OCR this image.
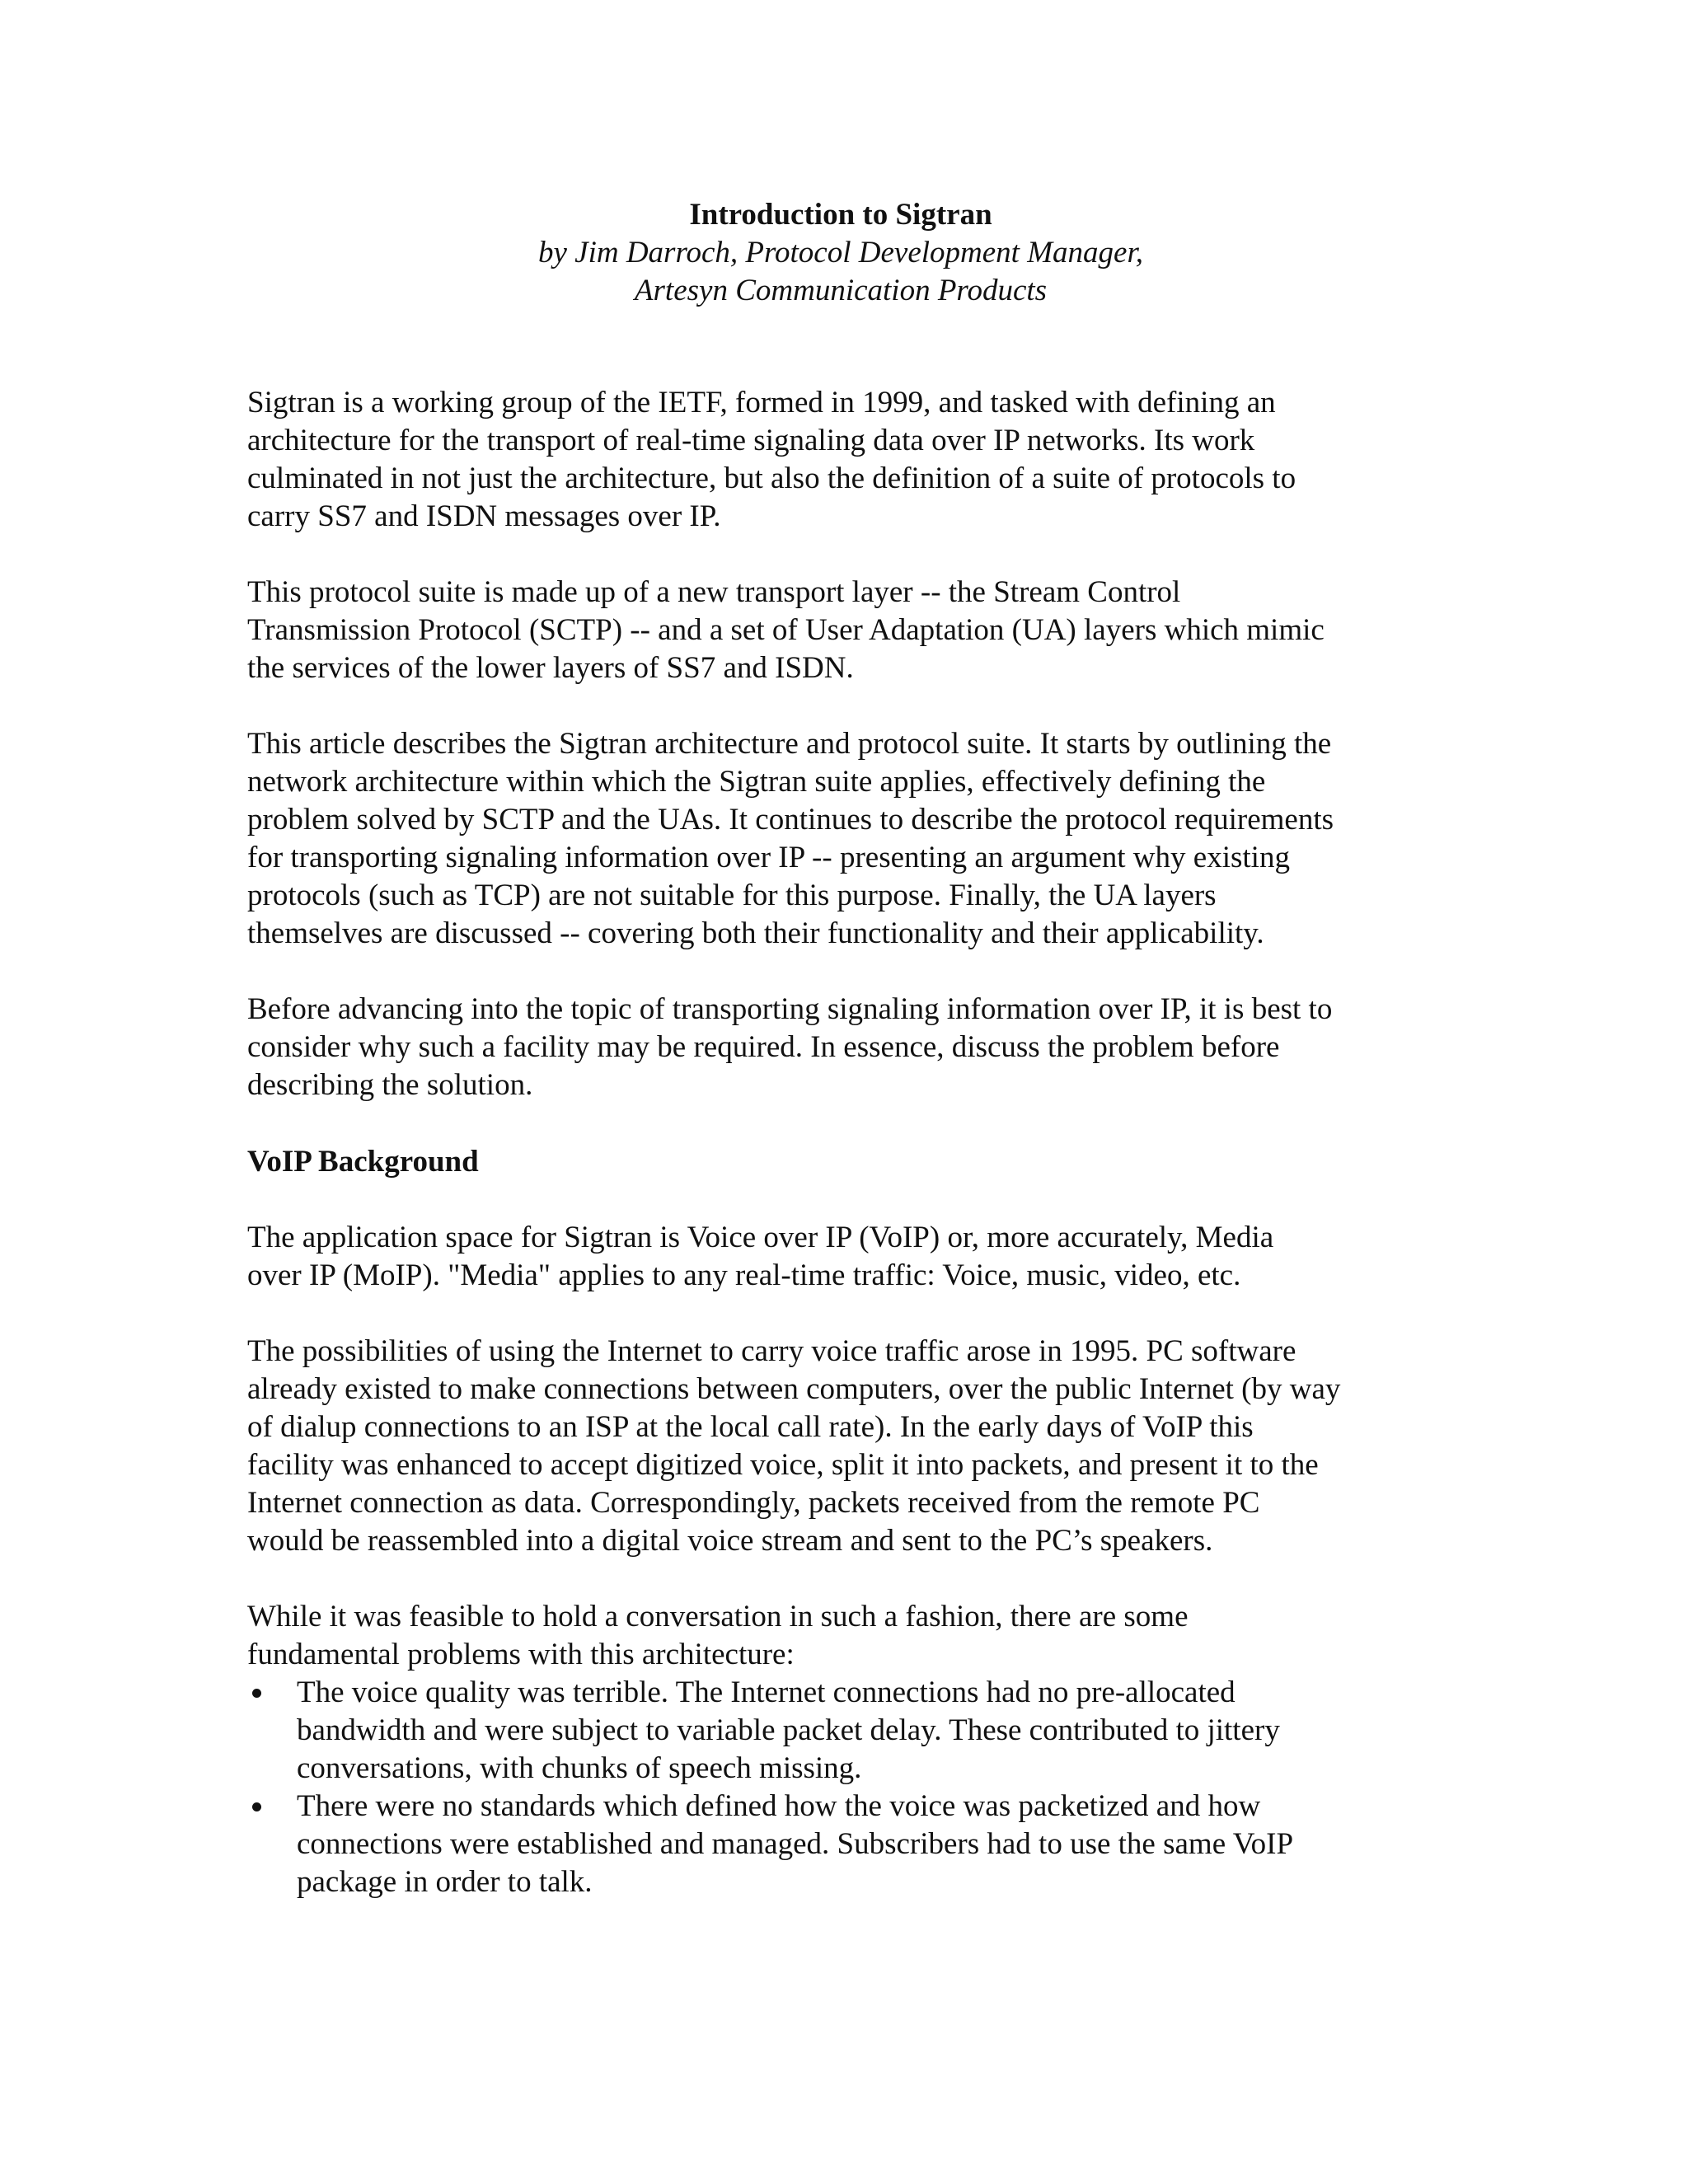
Introduction to Sigtran
by Jim Darroch, Protocol Development Manager,
Artesyn Communication Products

Sigtran is a working group of the IETF, formed in 1999, and tasked with defining an
architecture for the transport of real-time signaling data over IP networks. Its work
culminated in not just the architecture, but also the definition of a suite of protocols to
carry SS7 and ISDN messages over IP.

This protocol suite is made up of a new transport layer -- the Stream Control
Transmission Protocol (SCTP) -- and a set of User Adaptation (UA) layers which mimic
the services of the lower layers of SS7 and ISDN.

This article describes the Sigtran architecture and protocol suite. It starts by outlining the
network architecture within which the Sigtran suite applies, effectively defining the
problem solved by SCTP and the UAs. It continues to describe the protocol requirements
for transporting signaling information over IP -- presenting an argument why existing
protocols (such as TCP) are not suitable for this purpose. Finally, the UA layers
themselves are discussed -- covering both their functionality and their applicability.

Before advancing into the topic of transporting signaling information over IP, it is best to
consider why such a facility may be required. In essence, discuss the problem before
describing the solution.

VoIP Background

The application space for Sigtran is Voice over IP (VoIP) or, more accurately, Media
over IP (MoIP). "Media" applies to any real-time traffic: Voice, music, video, etc.

The possibilities of using the Internet to carry voice traffic arose in 1995. PC software
already existed to make connections between computers, over the public Internet (by way
of dialup connections to an ISP at the local call rate). In the early days of VoIP this
facility was enhanced to accept digitized voice, split it into packets, and present it to the
Internet connection as data. Correspondingly, packets received from the remote PC
would be reassembled into a digital voice stream and sent to the PC’s speakers.

While it was feasible to hold a conversation in such a fashion, there are some
fundamental problems with this architecture:

The voice quality was terrible. The Internet connections had no pre-allocated
bandwidth and were subject to variable packet delay. These contributed to jittery
conversations, with chunks of speech missing.
There were no standards which defined how the voice was packetized and how
connections were established and managed. Subscribers had to use the same VoIP
package in order to talk.
